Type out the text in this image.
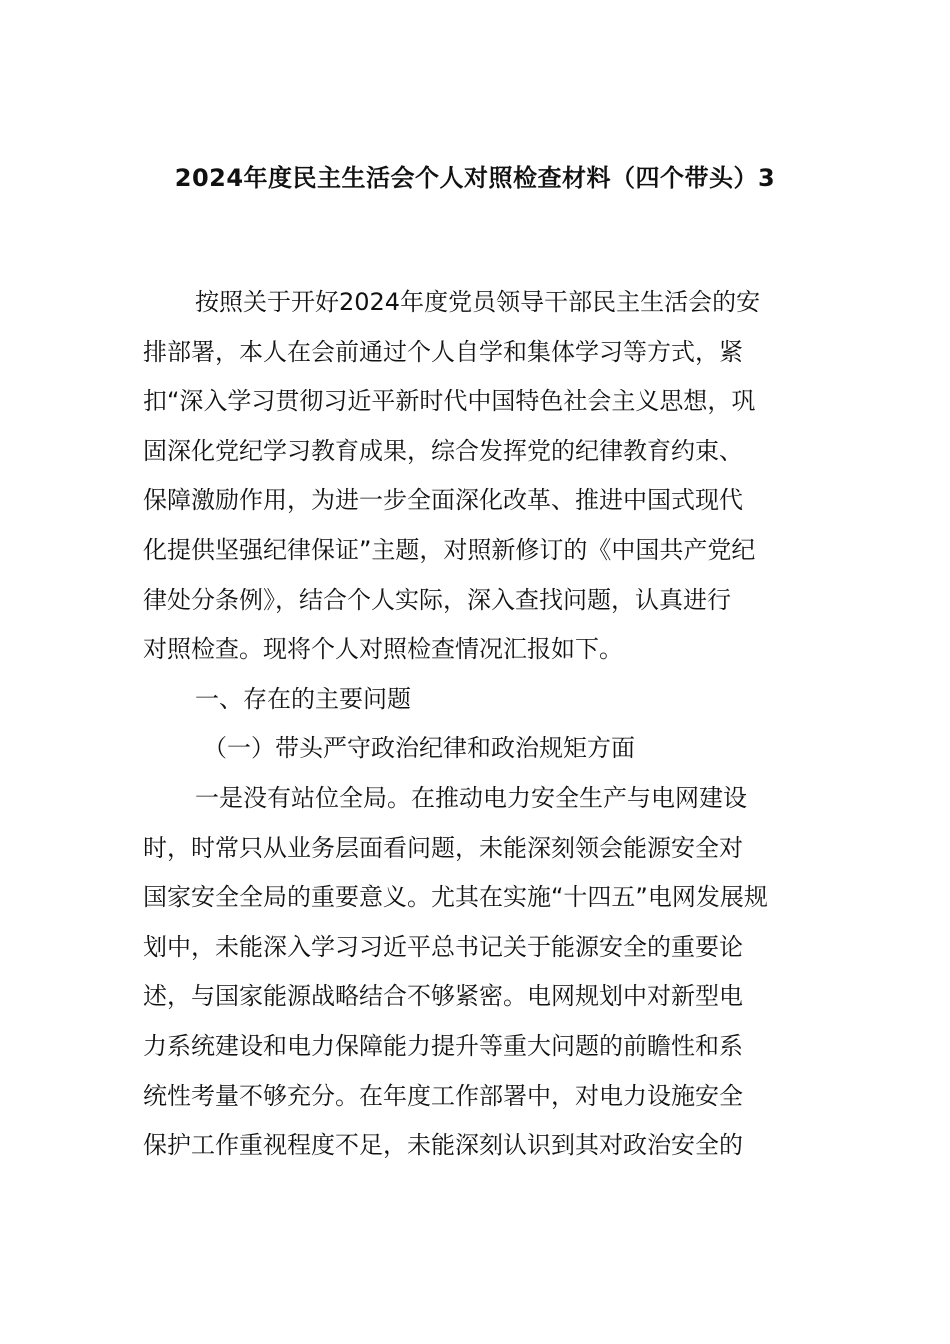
2024年度民主生活会个人对照检查材料（四个带头）3
按照关于开好2024年度党员领导干部民主生活会的安
排部署，本人在会前通过个人自学和集体学习等方式，紧
扣“深入学习贯彻习近平新时代中国特色社会主义思想，巩
固深化党纪学习教育成果，综合发挥党的纪律教育约束、
保障激励作用，为进一步全面深化改革、推进中国式现代
化提供坚强纪律保证”主题，对照新修订的《中国共产党纪
律处分条例》，结合个人实际，深入查找问题，认真进行
对照检查。现将个人对照检查情况汇报如下。
一、存在的主要问题
（一）带头严守政治纪律和政治规矩方面
一是没有站位全局。在推动电力安全生产与电网建设
时，时常只从业务层面看问题，未能深刻领会能源安全对
国家安全全局的重要意义。尤其在实施“十四五”电网发展规
划中，未能深入学习习近平总书记关于能源安全的重要论
述，与国家能源战略结合不够紧密。电网规划中对新型电
力系统建设和电力保障能力提升等重大问题的前瞻性和系
统性考量不够充分。在年度工作部署中，对电力设施安全
保护工作重视程度不足，未能深刻认识到其对政治安全的
